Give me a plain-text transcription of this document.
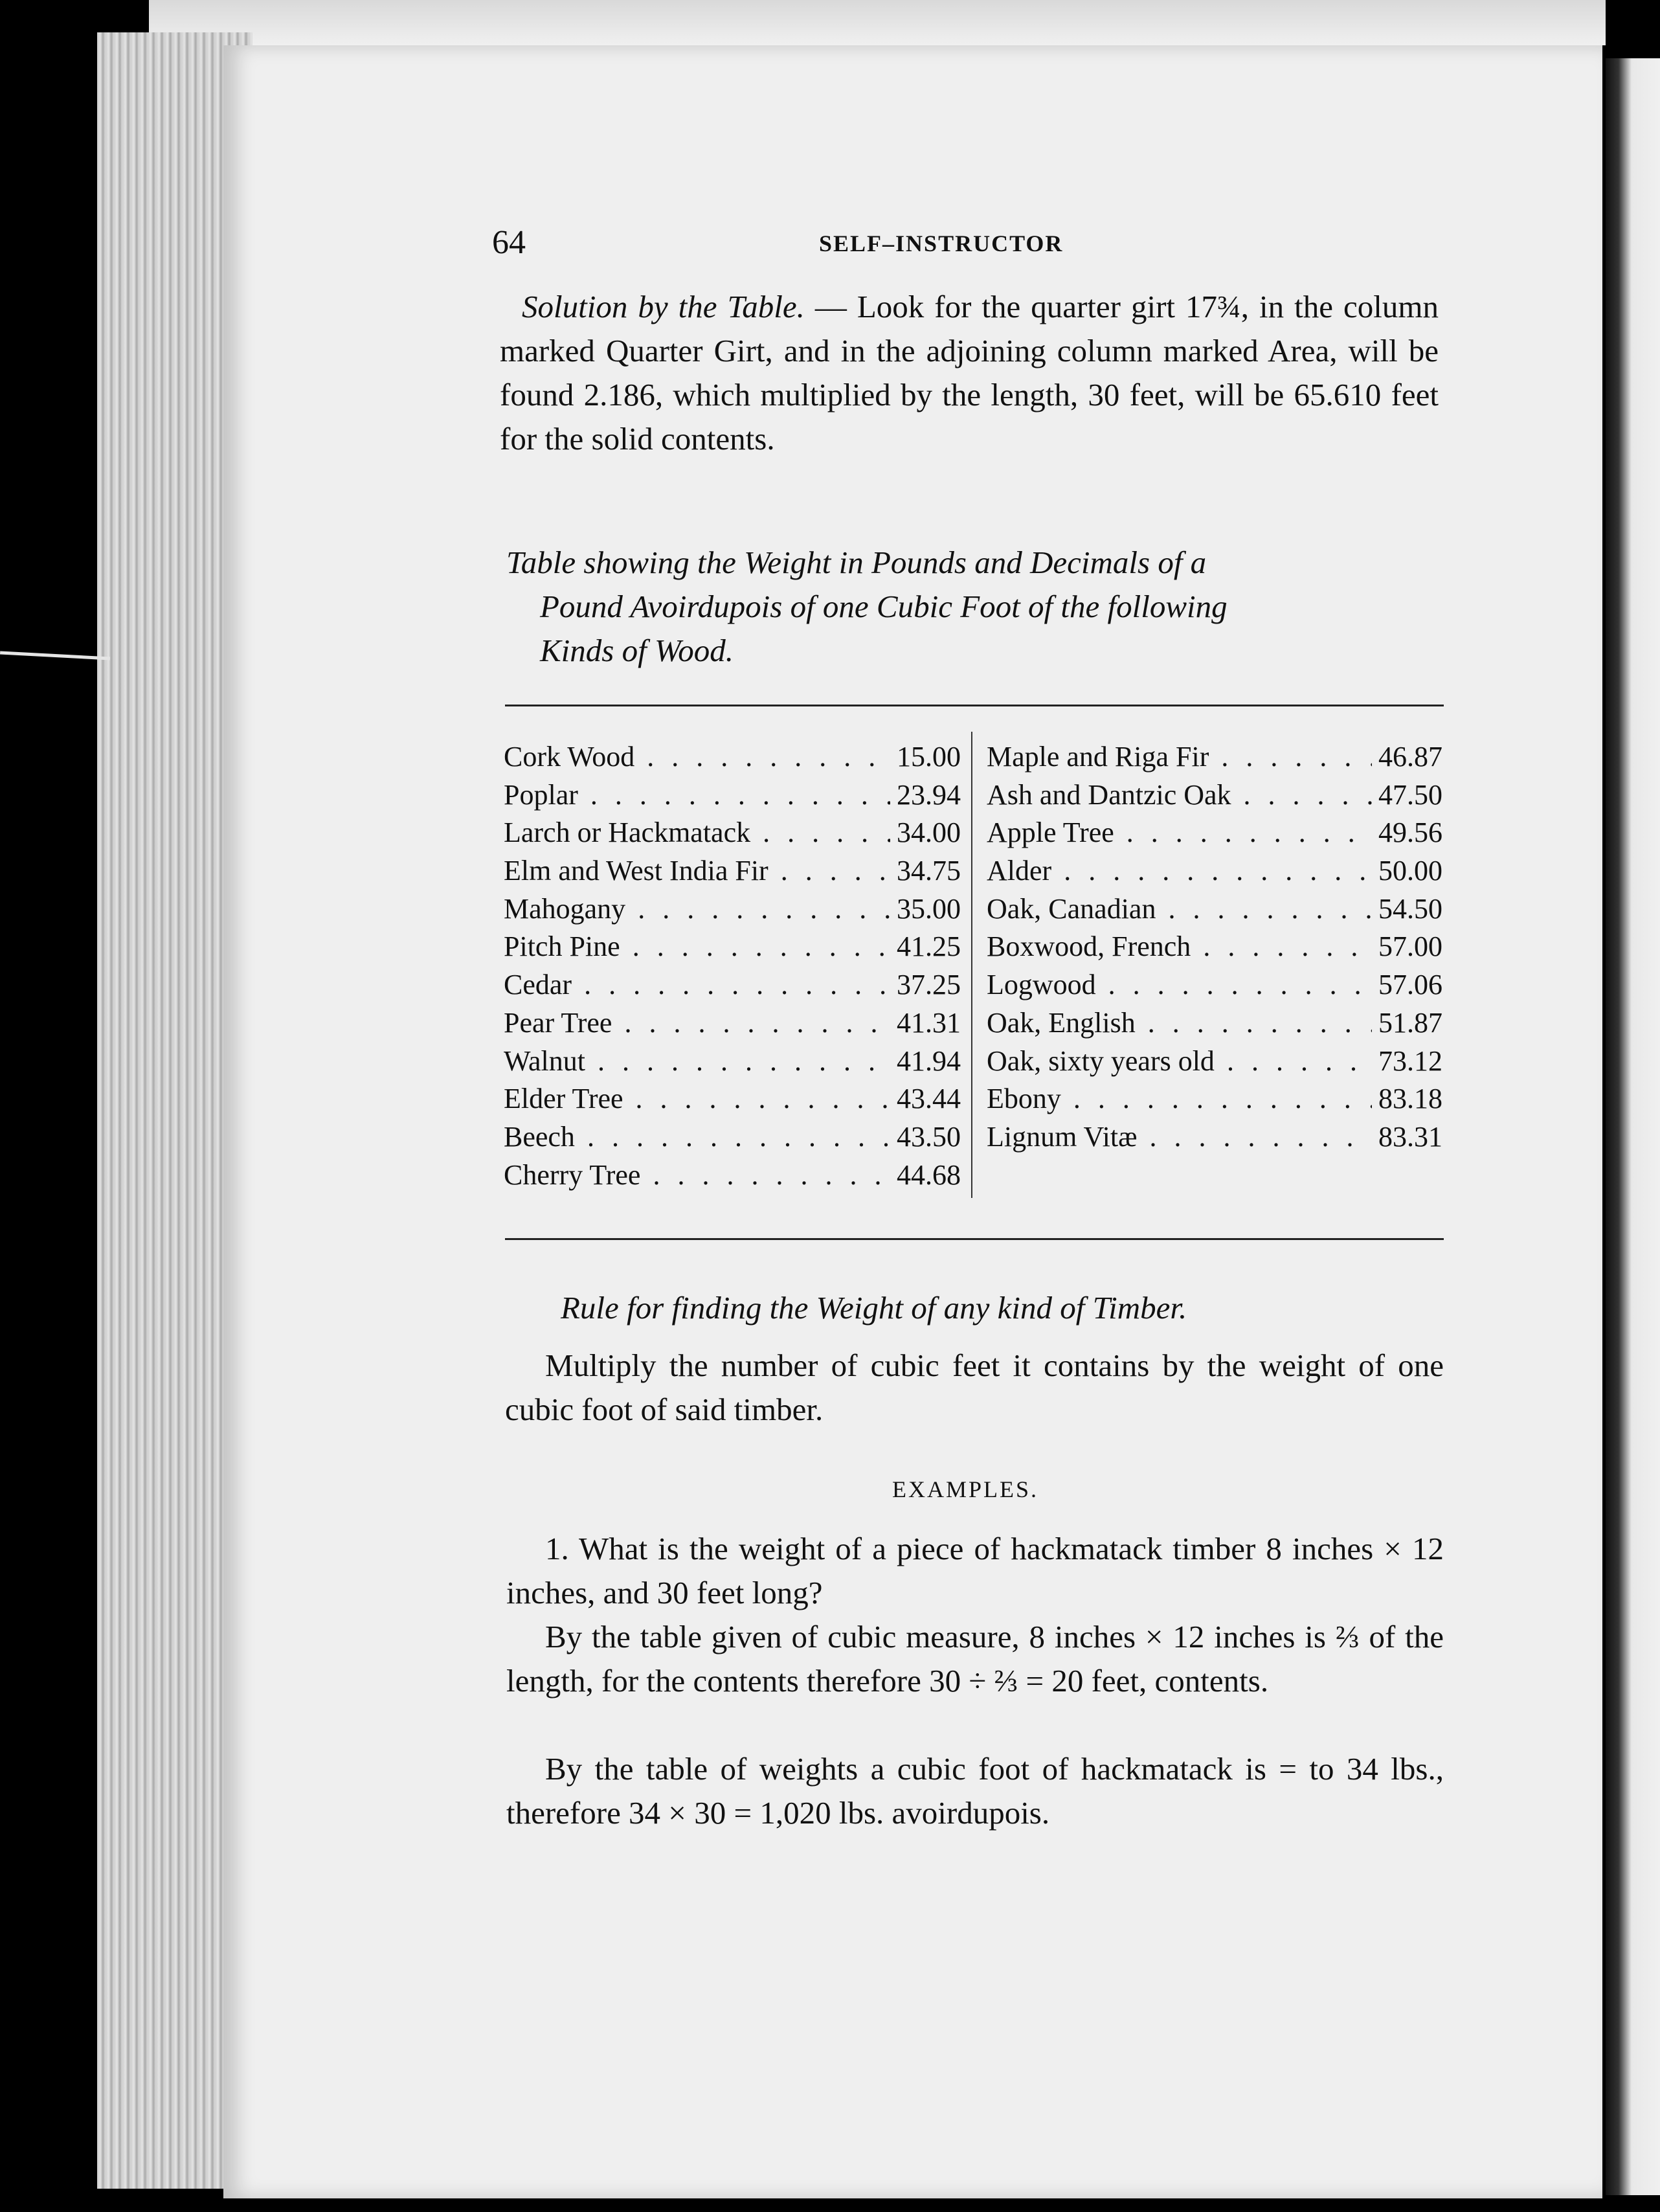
64	SELF–INSTRUCTOR

Solution by the Table. — Look for the quarter girt 17¾, in the column marked Quarter Girt, and in the adjoining column marked Area, will be found 2.186, which multiplied by the length, 30 feet, will be 65.610 feet for the solid contents.

Table showing the Weight in Pounds and Decimals of a
Pound Avoirdupois of one Cubic Foot of the following
Kinds of Wood.
Cork Wood . . .	15.00
Poplar . . .	23.94
Larch or Hackmatack . . .	34.00
Elm and West India Fir . . .	34.75
Mahogany . . .	35.00
Pitch Pine . . .	41.25
Cedar . . .	37.25
Pear Tree . . .	41.31
Walnut . . .	41.94
Elder Tree . . .	43.44
Beech . . .	43.50
Cherry Tree . . .	44.68
Maple and Riga Fir . . .	46.87
Ash and Dantzic Oak . . .	47.50
Apple Tree . . .	49.56
Alder . . .	50.00
Oak, Canadian . . .	54.50
Boxwood, French . . .	57.00
Logwood . . .	57.06
Oak, English . . .	51.87
Oak, sixty years old . . .	73.12
Ebony . . .	83.18
Lignum Vitæ . . .	83.31
Rule for finding the Weight of any kind of Timber.

Multiply the number of cubic feet it contains by the weight of one cubic foot of said timber.

EXAMPLES.

1. What is the weight of a piece of hackmatack timber 8 inches × 12 inches, and 30 feet long?

By the table given of cubic measure, 8 inches × 12 inches is ⅔ of the length, for the contents therefore 30 ÷ ⅔ = 20 feet, contents.

By the table of weights a cubic foot of hackmatack is = to 34 lbs., therefore 34 × 30 = 1,020 lbs. avoirdupois.
